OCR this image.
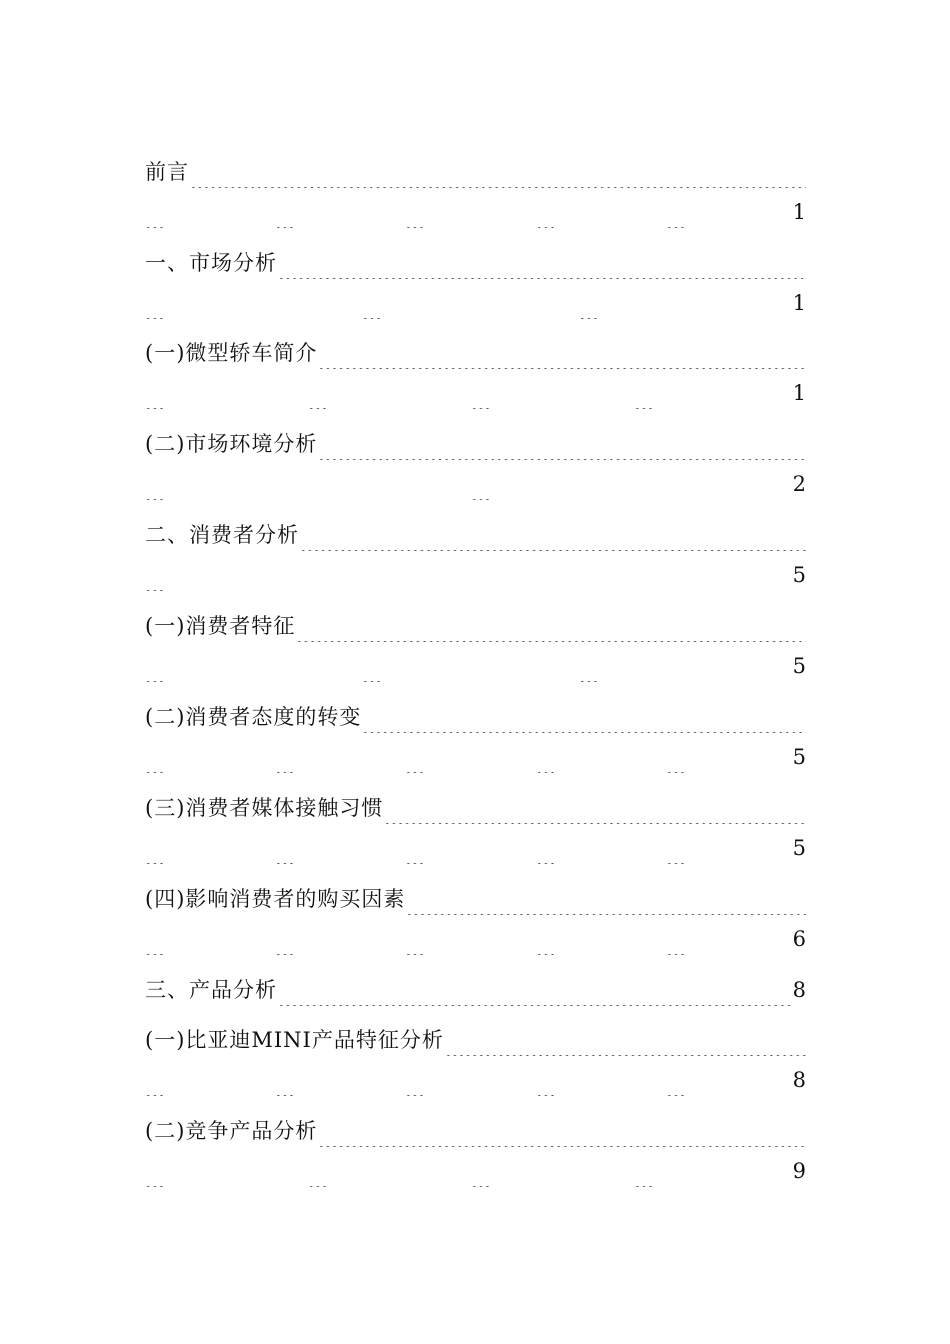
前言
1
一、市场分析
1
(一)微型轿车简介
1
(二)市场环境分析
2
二、消费者分析
5
(一)消费者特征
5
(二)消费者态度的转变
5
(三)消费者媒体接触习惯
5
(四)影响消费者的购买因素
6
三、产品分析	8
(一)比亚迪MINI产品特征分析
8
(二)竞争产品分析
9
